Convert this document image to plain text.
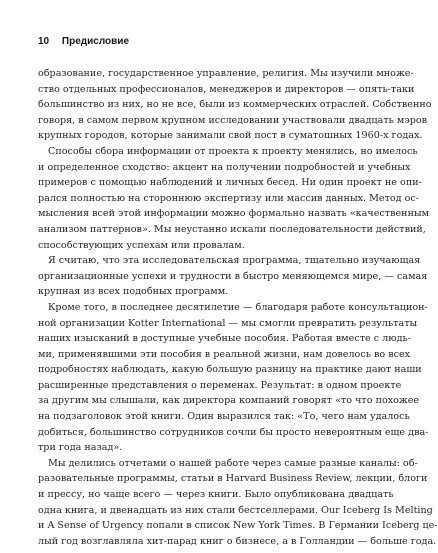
10 Предисловие
образование, государственное управление, религия. Мы изучили множе-
ство отдельных профессионалов, менеджеров и директоров — опять-таки
большинство из них, но не все, были из коммерческих отраслей. Собственно
говоря, в самом первом крупном исследовании участвовали двадцать мэров
крупных городов, которые занимали свой пост в суматошных 1960-х годах.
Способы сбора информации от проекта к проекту менялись, но имелось
и определенное сходство: акцент на получении подробностей и учебных
примеров с помощью наблюдений и личных бесед. Ни один проект не опи-
рался полностью на стороннюю экспертизу или массив данных. Метод ос-
мысления всей этой информации можно формально назвать «качественным
анализом паттернов». Мы неустанно искали последовательности действий,
способствующих успехам или провалам.
Я считаю, что эта исследовательская программа, тщательно изучающая
организационные успехи и трудности в быстро меняющемся мире, — самая
крупная из всех подобных программ.
Кроме того, в последнее десятилетие — благодаря работе консультацион-
ной организации Kotter International — мы смогли превратить результаты
наших изысканий в доступные учебные пособия. Работая вместе с людь-
ми, применявшими эти пособия в реальной жизни, нам довелось во всех
подробностях наблюдать, какую большую разницу на практике дают наши
расширенные представления о переменах. Результат: в одном проекте
за другим мы слышали, как директора компаний говорят «то что похожее
на подзаголовок этой книги. Один выразился так: «То, чего нам удалось
добиться, большинство сотрудников сочли бы просто невероятным еще двa-
три года назад».
Мы делились отчетами о нашей работе через самые разные каналы: об-
разовательные программы, статьи в Harvard Business Review, лекции, блоги
и прессу, но чаще всего — через книги. Было опубликована двадцать
одна книга, и двенадцать из них стали бестселлерами. Our Iceberg Is Melting
и A Sense of Urgency попали в список New York Times. В Германии Iceberg це-
лый год возглавляла хит-парад книг о бизнесе, а в Голландии — больше года.
